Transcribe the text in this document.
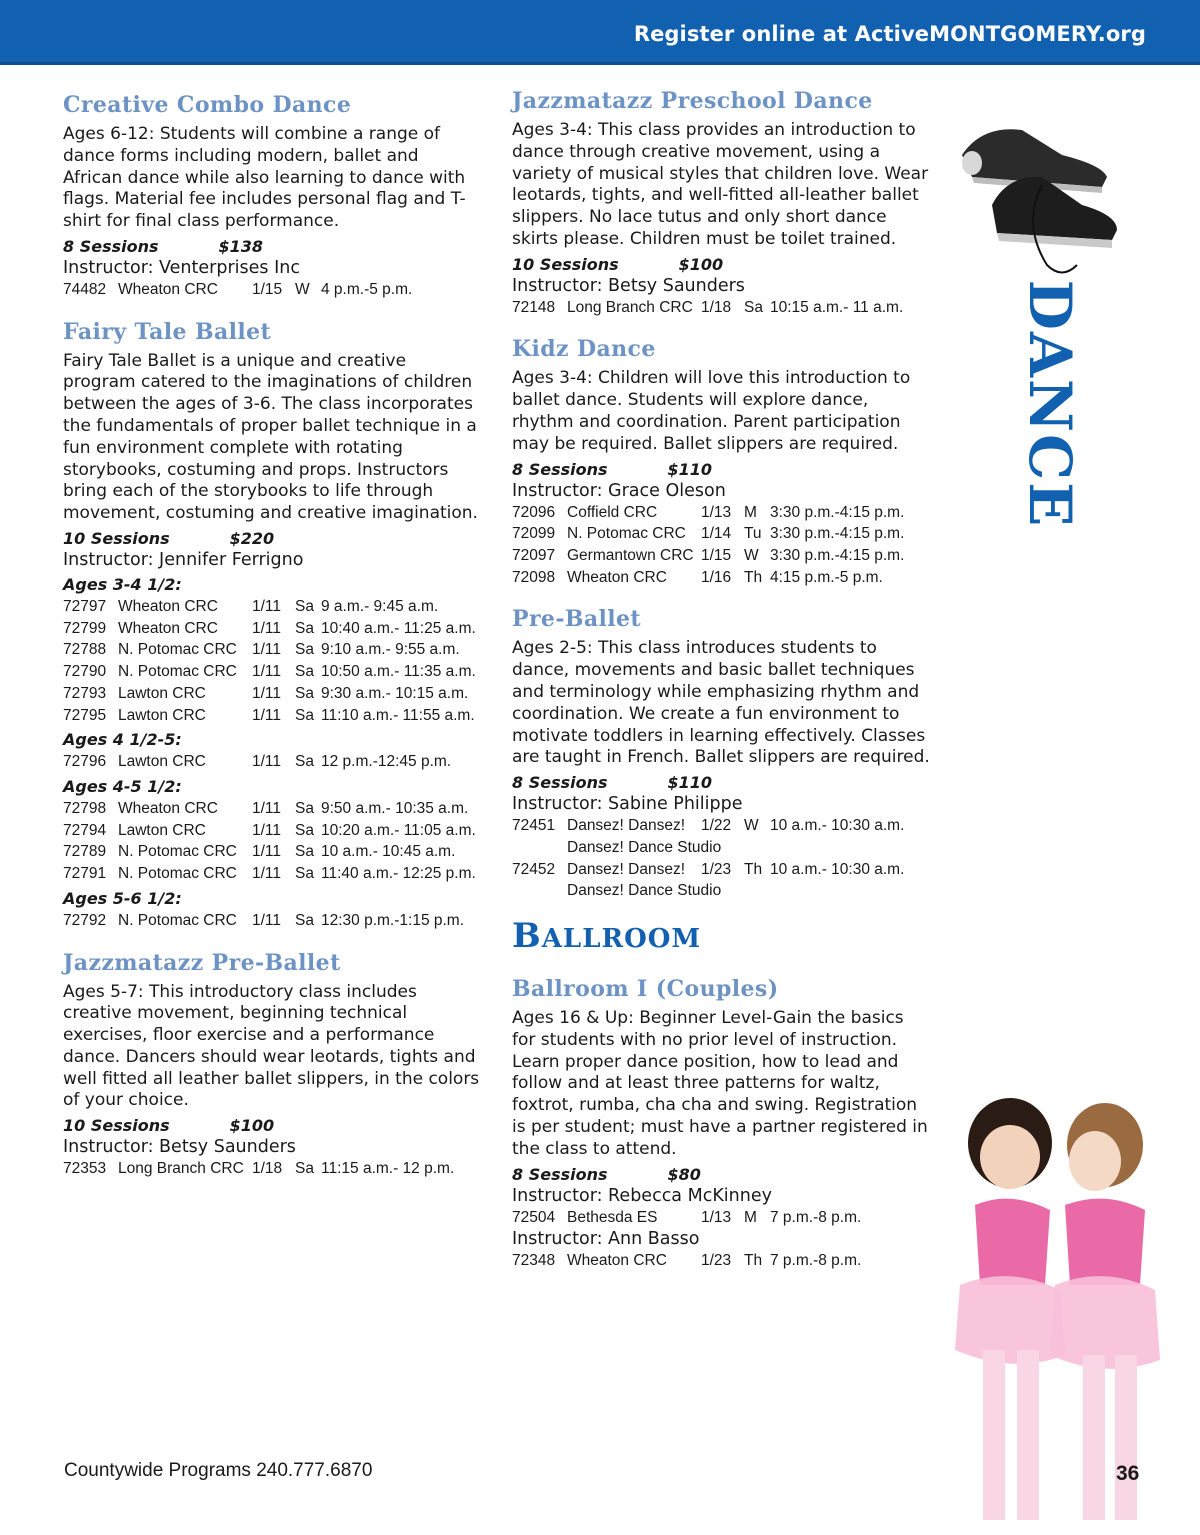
Register online at ActiveMONTGOMERY.org
Creative Combo Dance
Ages 6-12: Students will combine a range of dance forms including modern, ballet and African dance while also learning to dance with flags. Material fee includes personal flag and T-shirt for final class performance.
8 Sessions	$138
Instructor: Venterprises Inc
74482 Wheaton CRC 1/15 W 4 p.m.-5 p.m.
Fairy Tale Ballet
Fairy Tale Ballet is a unique and creative program catered to the imaginations of children between the ages of 3-6. The class incorporates the fundamentals of proper ballet technique in a fun environment complete with rotating storybooks, costuming and props. Instructors bring each of the storybooks to life through movement, costuming and creative imagination.
10 Sessions	$220
Instructor: Jennifer Ferrigno
Ages 3-4 1/2:
72797 Wheaton CRC 1/11 Sa 9 a.m.- 9:45 a.m.
72799 Wheaton CRC 1/11 Sa 10:40 a.m.- 11:25 a.m.
72788 N. Potomac CRC 1/11 Sa 9:10 a.m.- 9:55 a.m.
72790 N. Potomac CRC 1/11 Sa 10:50 a.m.- 11:35 a.m.
72793 Lawton CRC	1/11 Sa 9:30 a.m.- 10:15 a.m.
72795 Lawton CRC	1/11 Sa 11:10 a.m.- 11:55 a.m.
Ages 4 1/2-5:
72796 Lawton CRC	1/11 Sa 12 p.m.-12:45 p.m.
Ages 4-5 1/2:
72798 Wheaton CRC 1/11 Sa 9:50 a.m.- 10:35 a.m.
72794 Lawton CRC	1/11 Sa 10:20 a.m.- 11:05 a.m.
72789 N. Potomac CRC 1/11 Sa 10 a.m.- 10:45 a.m.
72791 N. Potomac CRC 1/11 Sa 11:40 a.m.- 12:25 p.m.
Ages 5-6 1/2:
72792 N. Potomac CRC 1/11 Sa 12:30 p.m.-1:15 p.m.
Jazzmatazz Pre-Ballet
Ages 5-7: This introductory class includes creative movement, beginning technical exercises, floor exercise and a performance dance. Dancers should wear leotards, tights and well fitted all leather ballet slippers, in the colors of your choice.
10 Sessions	$100
Instructor: Betsy Saunders
72353 Long Branch CRC 1/18 Sa 11:15 a.m.- 12 p.m.
Jazzmatazz Preschool Dance
Ages 3-4: This class provides an introduction to dance through creative movement, using a variety of musical styles that children love. Wear leotards, tights, and well-fitted all-leather ballet slippers. No lace tutus and only short dance skirts please. Children must be toilet trained.
10 Sessions	$100
Instructor: Betsy Saunders
72148 Long Branch CRC 1/18 Sa 10:15 a.m.- 11 a.m.
Kidz Dance
Ages 3-4: Children will love this introduction to ballet dance. Students will explore dance, rhythm and coordination. Parent participation may be required. Ballet slippers are required.
8 Sessions	$110
Instructor: Grace Oleson
72096 Coffield CRC	1/13 M 3:30 p.m.-4:15 p.m.
72099 N. Potomac CRC 1/14 Tu 3:30 p.m.-4:15 p.m.
72097 Germantown CRC 1/15 W 3:30 p.m.-4:15 p.m.
72098 Wheaton CRC 1/16 Th 4:15 p.m.-5 p.m.
Pre-Ballet
Ages 2-5: This class introduces students to dance, movements and basic ballet techniques and terminology while emphasizing rhythm and coordination. We create a fun environment to motivate toddlers in learning effectively. Classes are taught in French. Ballet slippers are required.
8 Sessions	$110
Instructor: Sabine Philippe
72451 Dansez! Dansez! 1/22 W 10 a.m.- 10:30 a.m.
Dansez! Dance Studio
72452 Dansez! Dansez! 1/23 Th 10 a.m.- 10:30 a.m.
Dansez! Dance Studio
BALLROOM
Ballroom I (Couples)
Ages 16 & Up: Beginner Level-Gain the basics for students with no prior level of instruction. Learn proper dance position, how to lead and follow and at least three patterns for waltz, foxtrot, rumba, cha cha and swing. Registration is per student; must have a partner registered in the class to attend.
8 Sessions	$80
Instructor: Rebecca McKinney
72504 Bethesda ES	1/13 M 7 p.m.-8 p.m.
Instructor: Ann Basso
72348 Wheaton CRC 1/23 Th 7 p.m.-8 p.m.
DANCE
Countywide Programs 240.777.6870	36
